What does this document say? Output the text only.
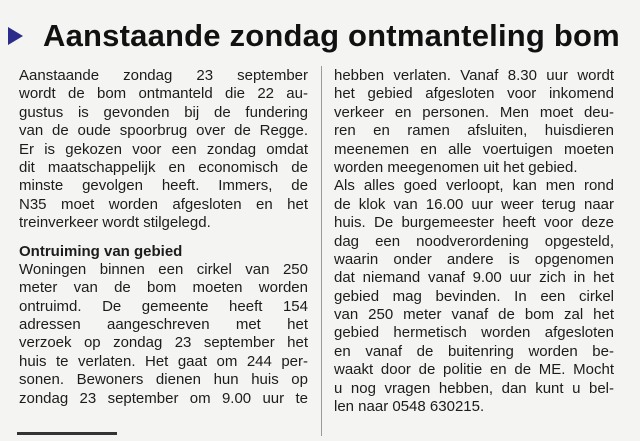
Aanstaande zondag ontmanteling bom
Aanstaande zondag 23 september
wordt de bom ontmanteld die 22 au-
gustus is gevonden bij de fundering
van de oude spoorbrug over de Regge.
Er is gekozen voor een zondag omdat
dit maatschappelijk en economisch de
minste gevolgen heeft. Immers, de
N35 moet worden afgesloten en het
treinverkeer wordt stilgelegd.
Ontruiming van gebied
Woningen binnen een cirkel van 250
meter van de bom moeten worden
ontruimd. De gemeente heeft 154
adressen aangeschreven met het
verzoek op zondag 23 september het
huis te verlaten. Het gaat om 244 per-
sonen. Bewoners dienen hun huis op
zondag 23 september om 9.00 uur te
hebben verlaten. Vanaf 8.30 uur wordt
het gebied afgesloten voor inkomend
verkeer en personen. Men moet deu-
ren en ramen afsluiten, huisdieren
meenemen en alle voertuigen moeten
worden meegenomen uit het gebied.
Als alles goed verloopt, kan men rond
de klok van 16.00 uur weer terug naar
huis. De burgemeester heeft voor deze
dag een noodverordening opgesteld,
waarin onder andere is opgenomen
dat niemand vanaf 9.00 uur zich in het
gebied mag bevinden. In een cirkel
van 250 meter vanaf de bom zal het
gebied hermetisch worden afgesloten
en vanaf de buitenring worden be-
waakt door de politie en de ME. Mocht
u nog vragen hebben, dan kunt u bel-
len naar 0548 630215.
